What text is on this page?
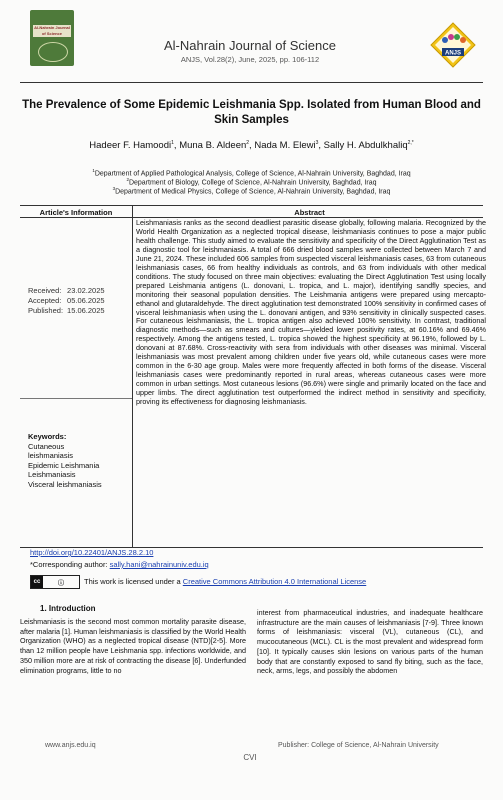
Al-Nahrain Journal of Science
Al-Nahrain Journal of Science
ANJS, Vol.28(2), June, 2025, pp. 106-112
ANJS
The Prevalence of Some Epidemic Leishmania Spp. Isolated from Human Blood and Skin Samples
Hadeer F. Hamoodi$^1$, Muna B. Aldeen$^2$, Nada M. Elewi$^3$, Sally H. Abdulkhaliq$^{2,*}$
$^1$Department of Applied Pathological Analysis, College of Science, Al-Nahrain University, Baghdad, Iraq
$^2$Department of Biology, College of Science, Al-Nahrain University, Baghdad, Iraq
$^3$Department of Medical Physics, College of Science, Al-Nahrain University, Baghdad, Iraq
Article's Information	Abstract
Received:	23.02.2025
Accepted:	05.06.2025
Published:	15.06.2025
Keywords:
Cutaneous
leishmaniasis
Epidemic Leishmania
Leishmaniasis
Visceral leishmaniasis
Leishmaniasis ranks as the second deadliest parasitic disease globally, following malaria. Recognized by the World Health Organization as a neglected tropical disease, leishmaniasis continues to pose a major public health challenge. This study aimed to evaluate the sensitivity and specificity of the Direct Agglutination Test as a diagnostic tool for leishmaniasis. A total of 666 dried blood samples were collected between March 7 and June 21, 2024. These included 606 samples from suspected visceral leishmaniasis cases, 63 from cutaneous leishmaniasis cases, 66 from healthy individuals as controls, and 63 from individuals with other medical conditions. The study focused on three main objectives: evaluating the Direct Agglutination Test using locally prepared Leishmania antigens (L. donovani, L. tropica, and L. major), identifying sandfly species, and monitoring their seasonal population densities. The Leishmania antigens were prepared using mercapto-ethanol and glutaraldehyde. The direct agglutination test demonstrated 100% sensitivity in confirmed cases of visceral leishmaniasis when using the L. donovani antigen, and 93% sensitivity in clinically suspected cases. For cutaneous leishmaniasis, the L. tropica antigen also achieved 100% sensitivity. In contrast, traditional diagnostic methods—such as smears and cultures—yielded lower positivity rates, at 60.16% and 69.46% respectively. Among the antigens tested, L. tropica showed the highest specificity at 96.19%, followed by L. donovani at 87.68%. Cross-reactivity with sera from individuals with other diseases was minimal. Visceral leishmaniasis was most prevalent among children under five years old, while cutaneous cases were more common in the 6-30 age group. Males were more frequently affected in both forms of the disease. Visceral leishmaniasis cases were predominantly reported in rural areas, whereas cutaneous cases were more common in urban settings. Most cutaneous lesions (96.6%) were single and primarily located on the face and upper limbs. The direct agglutination test outperformed the indirect method in sensitivity and specificity, proving its effectiveness for diagnosing leishmaniasis.
http://doi.org/10.22401/ANJS.28.2.10
*Corresponding author: sally.hani@nahrainuniv.edu.iq
cc	ⓘ	This work is licensed under a Creative Commons Attribution 4.0 International License
1. Introduction
Leishmaniasis is the second most common mortality parasite disease, after malaria [1]. Human leishmaniasis is classified by the World Health Organization (WHO) as a neglected tropical disease (NTD)[2-5]. More than 12 million people have Leishmania spp. infections worldwide, and 350 million more are at risk of contracting the disease [6]. Underfunded elimination programs, little to no
interest from pharmaceutical industries, and inadequate healthcare infrastructure are the main causes of leishmaniasis [7-9]. Three known forms of leishmaniasis: visceral (VL), cutaneous (CL), and mucocutaneous (MCL). CL is the most prevalent and widespread form [10]. It typically causes skin lesions on various parts of the human body that are constantly exposed to sand fly biting, such as the face, neck, arms, legs, and possibly the abdomen
www.anjs.edu.iq	Publisher: College of Science, Al-Nahrain University
CVI
